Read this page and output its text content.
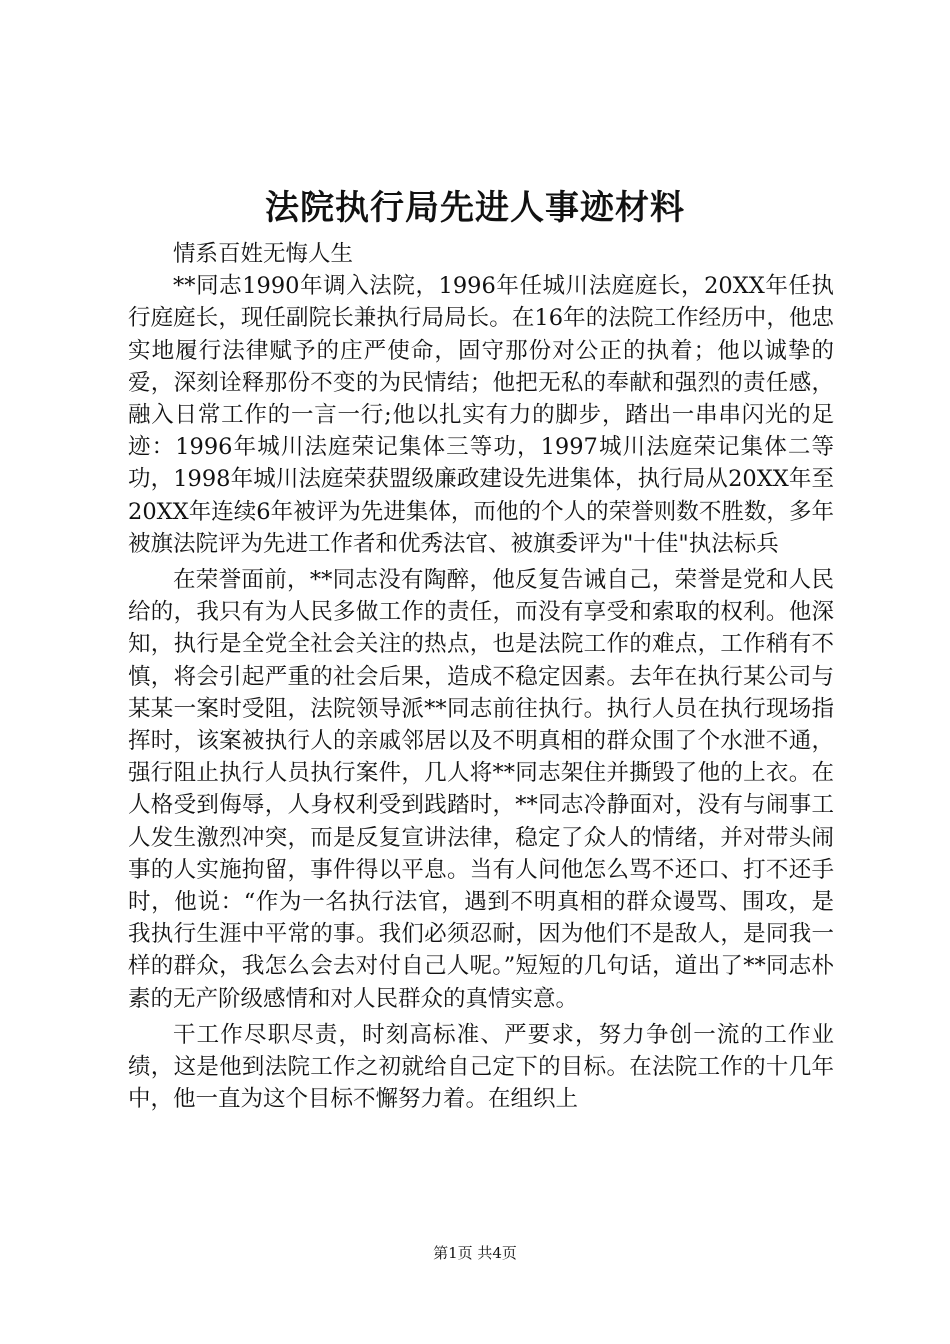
法院执行局先进人事迹材料

情系百姓无悔人生

**同志1990年调入法院，1996年任城川法庭庭长，20XX年任执行庭庭长，现任副院长兼执行局局长。在16年的法院工作经历中，他忠实地履行法律赋予的庄严使命，固守那份对公正的执着；他以诚挚的爱，深刻诠释那份不变的为民情结；他把无私的奉献和强烈的责任感，融入日常工作的一言一行;他以扎实有力的脚步，踏出一串串闪光的足迹：1996年城川法庭荣记集体三等功，1997城川法庭荣记集体二等功，1998年城川法庭荣获盟级廉政建设先进集体，执行局从20XX年至20XX年连续6年被评为先进集体，而他的个人的荣誉则数不胜数，多年被旗法院评为先进工作者和优秀法官、被旗委评为"十佳"执法标兵

在荣誉面前，**同志没有陶醉，他反复告诫自己，荣誉是党和人民给的，我只有为人民多做工作的责任，而没有享受和索取的权利。他深知，执行是全党全社会关注的热点，也是法院工作的难点，工作稍有不慎，将会引起严重的社会后果，造成不稳定因素。去年在执行某公司与某某一案时受阻，法院领导派**同志前往执行。执行人员在执行现场指挥时，该案被执行人的亲戚邻居以及不明真相的群众围了个水泄不通，强行阻止执行人员执行案件，几人将**同志架住并撕毁了他的上衣。在人格受到侮辱，人身权利受到践踏时，**同志冷静面对，没有与闹事工人发生激烈冲突，而是反复宣讲法律，稳定了众人的情绪，并对带头闹事的人实施拘留，事件得以平息。当有人问他怎么骂不还口、打不还手时，他说：“作为一名执行法官，遇到不明真相的群众谩骂、围攻，是我执行生涯中平常的事。我们必须忍耐，因为他们不是敌人，是同我一样的群众，我怎么会去对付自己人呢。”短短的几句话，道出了**同志朴素的无产阶级感情和对人民群众的真情实意。

干工作尽职尽责，时刻高标准、严要求，努力争创一流的工作业绩，这是他到法院工作之初就给自己定下的目标。在法院工作的十几年中，他一直为这个目标不懈努力着。在组织上

第1页 共4页
